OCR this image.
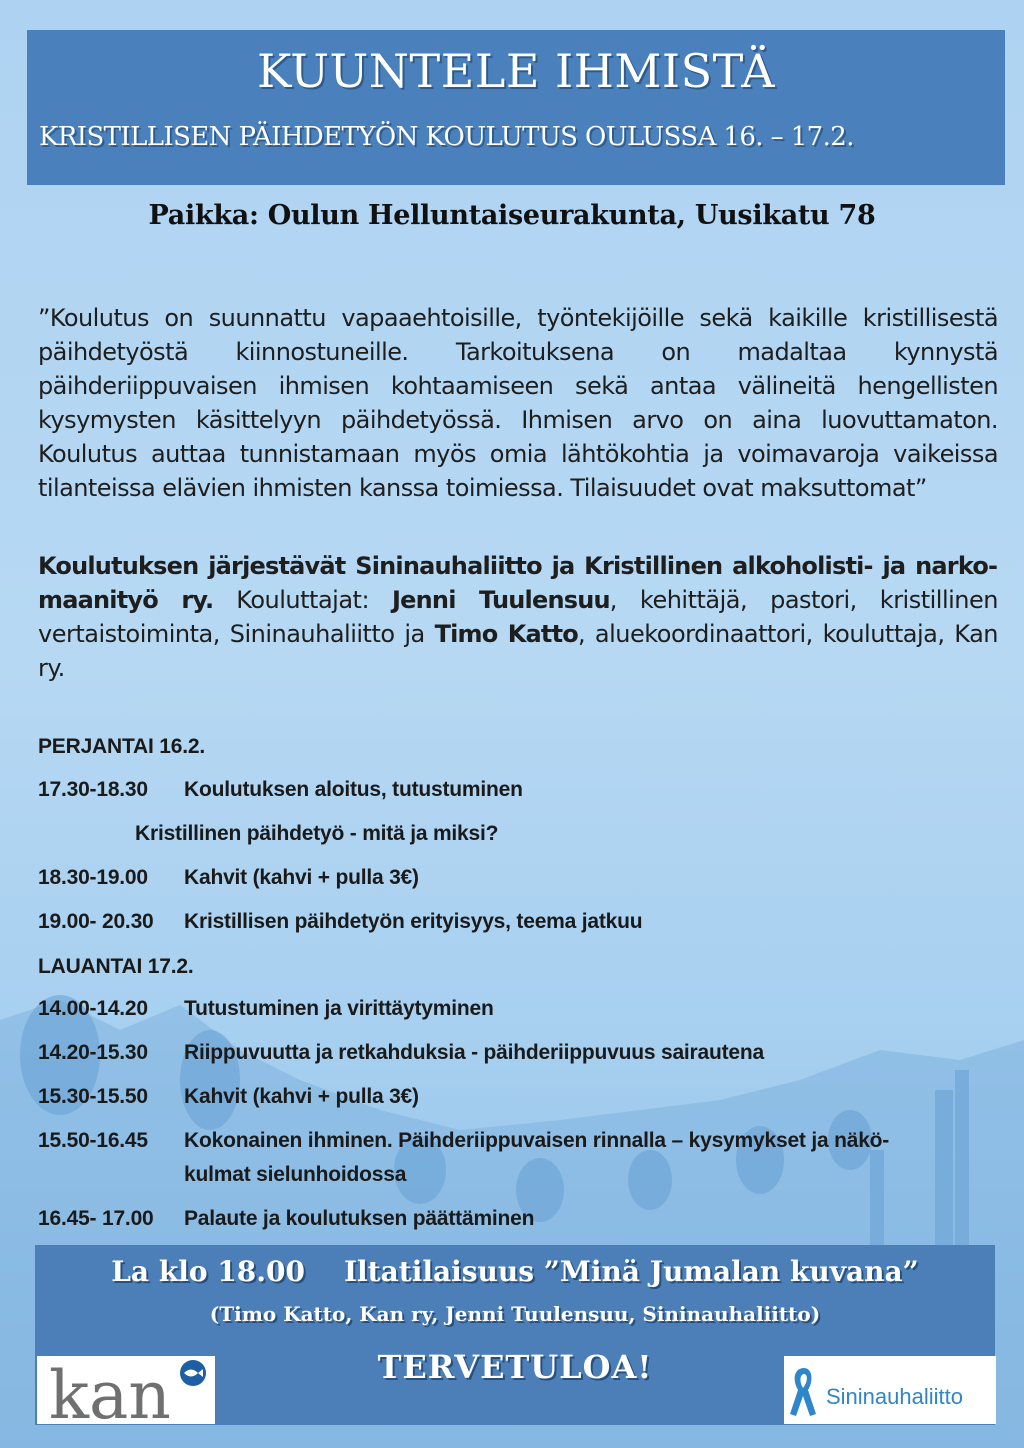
KUUNTELE IHMISTÄ
KRISTILLISEN PÄIHDETYÖN KOULUTUS OULUSSA 16. – 17.2.
Paikka: Oulun Helluntaiseurakunta, Uusikatu 78
”Koulutus on suunnattu vapaaehtoisille, työntekijöille sekä kaikille kristillisestä päihdetyöstä kiinnostuneille. Tarkoituksena on madaltaa kynnystä päihderiippuvaisen ihmisen kohtaamiseen sekä antaa välineitä hengellisten kysymysten käsittelyyn päihdetyössä. Ihmisen arvo on aina luovuttamaton. Koulutus auttaa tunnistamaan myös omia lähtökohtia ja voimavaroja vaikeissa tilanteissa elävien ihmisten kanssa toimiessa. Tilaisuudet ovat maksuttomat”
Koulutuksen järjestävät Sininauhaliitto ja Kristillinen alkoholisti- ja narkomaanityö ry. Kouluttajat: Jenni Tuulensuu, kehittäjä, pastori, kristillinen vertaistoiminta, Sininauhaliitto ja Timo Katto, aluekoordinaattori, kouluttaja, Kan ry.
PERJANTAI 16.2.
17.30-18.30 Koulutuksen aloitus, tutustuminen
Kristillinen päihdetyö - mitä ja miksi?
18.30-19.00 Kahvit (kahvi + pulla 3€)
19.00- 20.30 Kristillisen päihdetyön erityisyys, teema jatkuu
LAUANTAI 17.2.
14.00-14.20 Tutustuminen ja virittäytyminen
14.20-15.30 Riippuvuutta ja retkahduksia - päihderiippuvuus sairautena
15.30-15.50 Kahvit (kahvi + pulla 3€)
15.50-16.45 Kokonainen ihminen. Päihderiippuvaisen rinnalla – kysymykset ja näkö-
kulmat sielunhoidossa
16.45- 17.00 Palaute ja koulutuksen päättäminen
La klo 18.00    Iltatilaisuus ”Minä Jumalan kuvana”
(Timo Katto, Kan ry, Jenni Tuulensuu, Sininauhaliitto)
TERVETULOA!
kan	Sininauhaliitto
